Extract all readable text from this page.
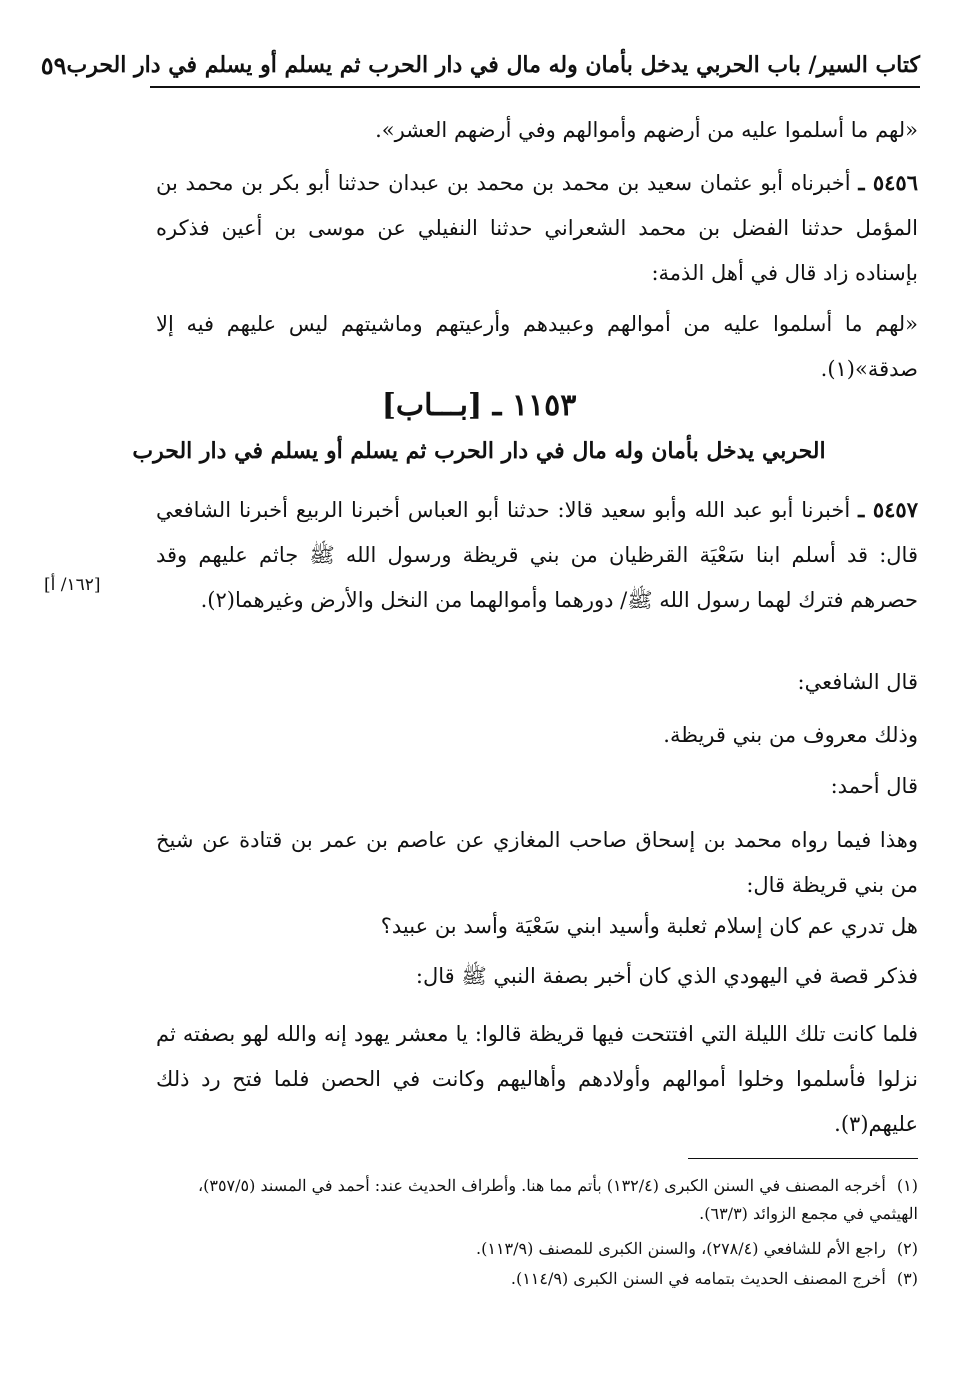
كتاب السير/ باب الحربي يدخل بأمان وله مال في دار الحرب ثم يسلم أو يسلم في دار الحرب
٥٩
«لهم ما أسلموا عليه من أرضهم وأموالهم وفي أرضهم العشر».
٥٤٥٦ ـ أخبرناه أبو عثمان سعيد بن محمد بن محمد بن عبدان حدثنا أبو بكر بن محمد بن المؤمل حدثنا الفضل بن محمد الشعراني حدثنا النفيلي عن موسى بن أعين فذكره بإسناده زاد قال في أهل الذمة:
«لهم ما أسلموا عليه من أموالهم وعبيدهم وأرعيتهم وماشيتهم ليس عليهم فيه إلا صدقة»(١).
١١٥٣ ـ [بـــاب]
الحربي يدخل بأمان وله مال في دار الحرب ثم يسلم أو يسلم في دار الحرب
٥٤٥٧ ـ أخبرنا أبو عبد الله وأبو سعيد قالا: حدثنا أبو العباس أخبرنا الربيع أخبرنا الشافعي قال: قد أسلم ابنا سَعْيَة القرظيان من بني قريظة ورسول الله ﷺ جاثم عليهم وقد حصرهم فترك لهما رسول الله ﷺ/ دورهما وأموالهما من النخل والأرض وغيرهما(٢).
[١٦٢/ أ]
قال الشافعي:
وذلك معروف من بني قريظة.
قال أحمد:
وهذا فيما رواه محمد بن إسحاق صاحب المغازي عن عاصم بن عمر بن قتادة عن شيخ من بني قريظة قال:
هل تدري عم كان إسلام ثعلبة وأسيد ابني سَعْيَة وأسد بن عبيد؟
فذكر قصة في اليهودي الذي كان أخبر بصفة النبي ﷺ قال:
فلما كانت تلك الليلة التي افتتحت فيها قريظة قالوا: يا معشر يهود إنه والله لهو بصفته ثم نزلوا فأسلموا وخلوا أموالهم وأولادهم وأهاليهم وكانت في الحصن فلما فتح رد ذلك عليهم(٣).
(١) أخرجه المصنف في السنن الكبرى (١٣٢/٤) بأتم مما هنا. وأطراف الحديث عند: أحمد في المسند (٣٥٧/٥)، الهيثمي في مجمع الزوائد (٦٣/٣).
(٢) راجع الأم للشافعي (٢٧٨/٤)، والسنن الكبرى للمصنف (١١٣/٩).
(٣) أخرج المصنف الحديث بتمامه في السنن الكبرى (١١٤/٩).
